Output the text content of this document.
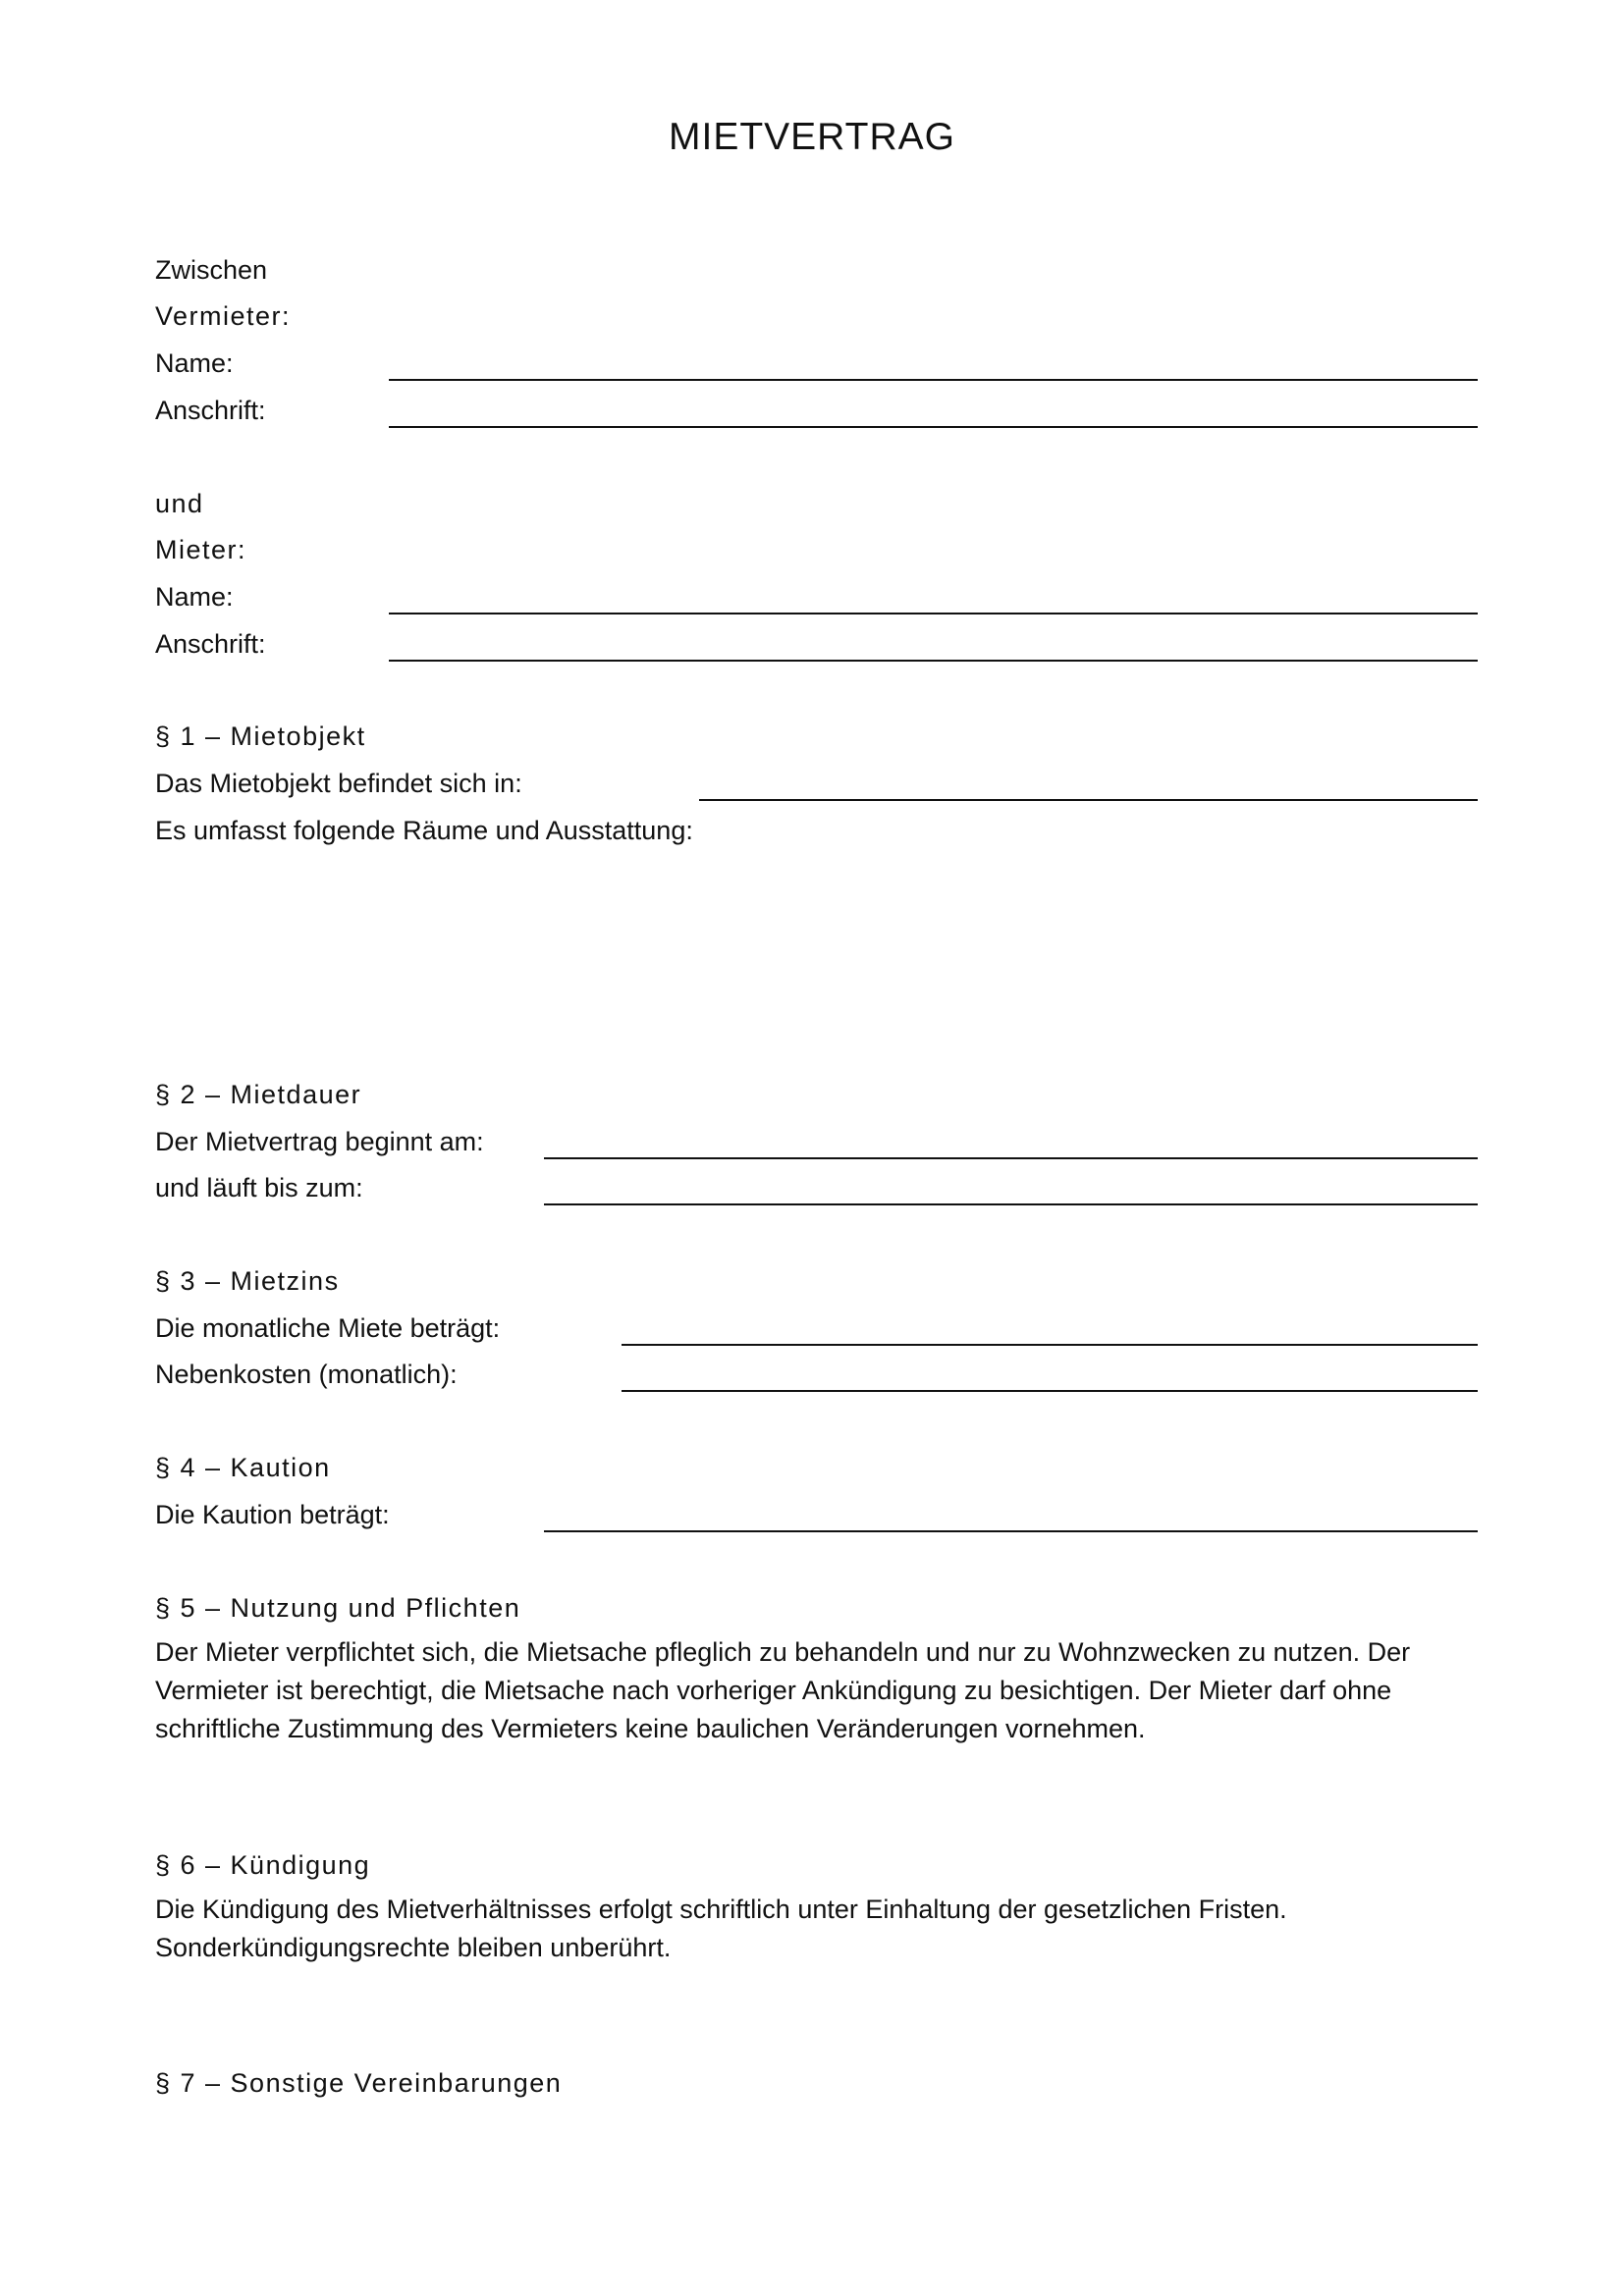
MIETVERTRAG
Zwischen
Vermieter:
Name:
Anschrift:
und
Mieter:
Name:
Anschrift:
§ 1 – Mietobjekt
Das Mietobjekt befindet sich in:
Es umfasst folgende Räume und Ausstattung:
§ 2 – Mietdauer
Der Mietvertrag beginnt am:
und läuft bis zum:
§ 3 – Mietzins
Die monatliche Miete beträgt:
Nebenkosten (monatlich):
§ 4 – Kaution
Die Kaution beträgt:
§ 5 – Nutzung und Pflichten
Der Mieter verpflichtet sich, die Mietsache pfleglich zu behandeln und nur zu Wohnzwecken zu nutzen. Der
Vermieter ist berechtigt, die Mietsache nach vorheriger Ankündigung zu besichtigen. Der Mieter darf ohne
schriftliche Zustimmung des Vermieters keine baulichen Veränderungen vornehmen.
§ 6 – Kündigung
Die Kündigung des Mietverhältnisses erfolgt schriftlich unter Einhaltung der gesetzlichen Fristen.
Sonderkündigungsrechte bleiben unberührt.
§ 7 – Sonstige Vereinbarungen
